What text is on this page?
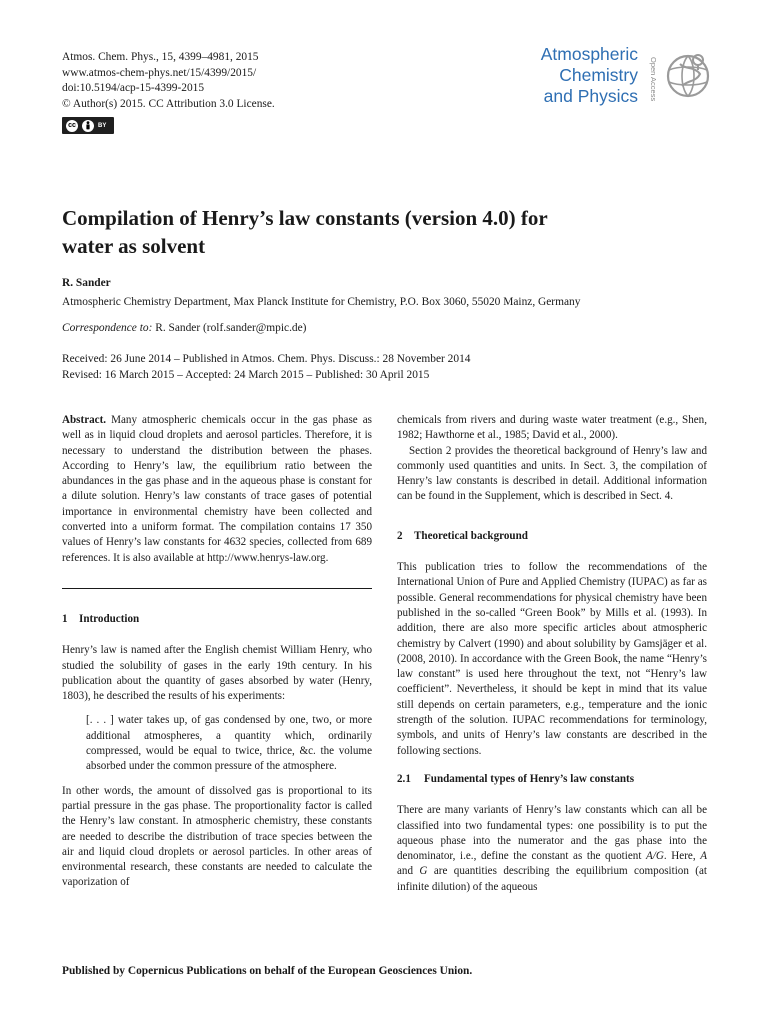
Atmos. Chem. Phys., 15, 4399–4981, 2015
www.atmos-chem-phys.net/15/4399/2015/
doi:10.5194/acp-15-4399-2015
© Author(s) 2015. CC Attribution 3.0 License.
cc	BY
Atmospheric
Chemistry
and Physics	Open Access
Compilation of Henry’s law constants (version 4.0) for
water as solvent
R. Sander
Atmospheric Chemistry Department, Max Planck Institute for Chemistry, P.O. Box 3060, 55020 Mainz, Germany
Correspondence to: R. Sander (rolf.sander@mpic.de)
Received: 26 June 2014 – Published in Atmos. Chem. Phys. Discuss.: 28 November 2014
Revised: 16 March 2015 – Accepted: 24 March 2015 – Published: 30 April 2015

Abstract. Many atmospheric chemicals occur in the gas phase as well as in liquid cloud droplets and aerosol particles. Therefore, it is necessary to understand the distribution between the phases. According to Henry’s law, the equilibrium ratio between the abundances in the gas phase and in the aqueous phase is constant for a dilute solution. Henry’s law constants of trace gases of potential importance in environmental chemistry have been collected and converted into a uniform format. The compilation contains 17 350 values of Henry’s law constants for 4632 species, collected from 689 references. It is also available at http://www.henrys-law.org.

1 Introduction

Henry’s law is named after the English chemist William Henry, who studied the solubility of gases in the early 19th century. In his publication about the quantity of gases absorbed by water (Henry, 1803), he described the results of his experiments:

[. . . ] water takes up, of gas condensed by one, two, or more additional atmospheres, a quantity which, ordinarily compressed, would be equal to twice, thrice, &c. the volume absorbed under the common pressure of the atmosphere.

In other words, the amount of dissolved gas is proportional to its partial pressure in the gas phase. The proportionality factor is called the Henry’s law constant. In atmospheric chemistry, these constants are needed to describe the distribution of trace species between the air and liquid cloud droplets or aerosol particles. In other areas of environmental research, these constants are needed to calculate the vaporization of

chemicals from rivers and during waste water treatment (e.g., Shen, 1982; Hawthorne et al., 1985; David et al., 2000).

Section 2 provides the theoretical background of Henry’s law and commonly used quantities and units. In Sect. 3, the compilation of Henry’s law constants is described in detail. Additional information can be found in the Supplement, which is described in Sect. 4.

2 Theoretical background

This publication tries to follow the recommendations of the International Union of Pure and Applied Chemistry (IUPAC) as far as possible. General recommendations for physical chemistry have been published in the so-called “Green Book” by Mills et al. (1993). In addition, there are also more specific articles about atmospheric chemistry by Calvert (1990) and about solubility by Gamsjäger et al. (2008, 2010). In accordance with the Green Book, the name “Henry’s law constant” is used here throughout the text, not “Henry’s law coefficient”. Nevertheless, it should be kept in mind that its value still depends on certain parameters, e.g., temperature and the ionic strength of the solution. IUPAC recommendations for terminology, symbols, and units of Henry’s law constants are described in the following sections.

2.1 Fundamental types of Henry’s law constants

There are many variants of Henry’s law constants which can all be classified into two fundamental types: one possibility is to put the aqueous phase into the numerator and the gas phase into the denominator, i.e., define the constant as the quotient A/G. Here, A and G are quantities describing the equilibrium composition (at infinite dilution) of the aqueous

Published by Copernicus Publications on behalf of the European Geosciences Union.
